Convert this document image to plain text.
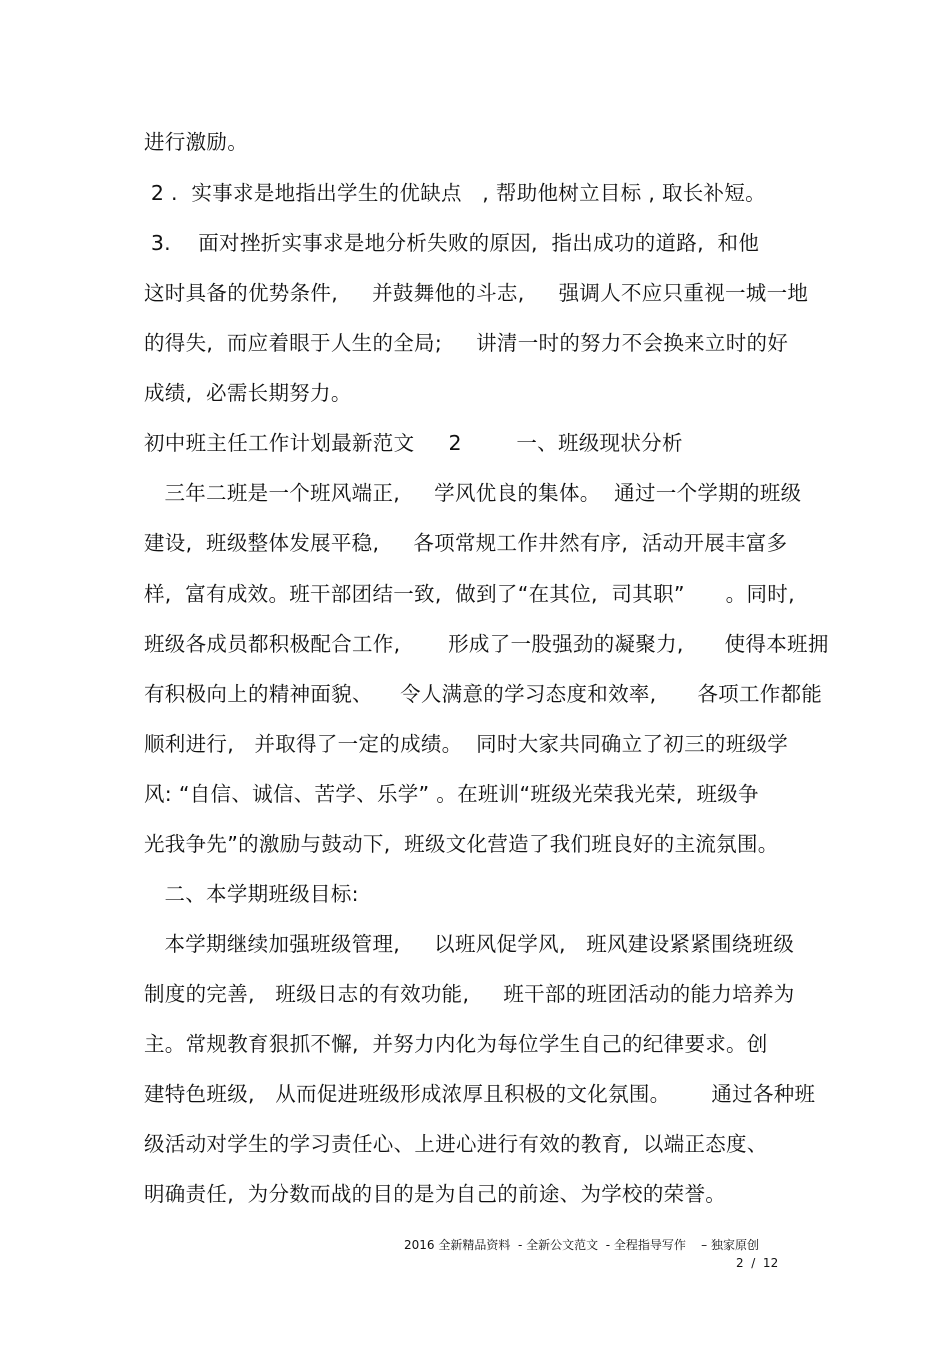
进行激励。
2 .  实事求是地指出学生的优缺点   , 帮助他树立目标 , 取长补短。
3.    面对挫折实事求是地分析失败的原因,  指出成功的道路,  和他
这时具备的优势条件,     并鼓舞他的斗志,     强调人不应只重视一城一地
的得失,  而应着眼于人生的全局;     讲清一时的努力不会换来立时的好
成绩,  必需长期努力。
初中班主任工作计划最新范文     2        一、班级现状分析
三年二班是一个班风端正,     学风优良的集体。  通过一个学期的班级
建设,  班级整体发展平稳,     各项常规工作井然有序,  活动开展丰富多
样,  富有成效。班干部团结一致,  做到了“在其位,  司其职”      。同时,
班级各成员都积极配合工作,       形成了一股强劲的凝聚力,      使得本班拥
有积极向上的精神面貌、    令人满意的学习态度和效率,      各项工作都能
顺利进行,   并取得了一定的成绩。  同时大家共同确立了初三的班级学
风: “自信、诚信、苦学、乐学” 。在班训“班级光荣我光荣,  班级争
光我争先”的激励与鼓动下,  班级文化营造了我们班良好的主流氛围。
二、本学期班级目标:
本学期继续加强班级管理,     以班风促学风,   班风建设紧紧围绕班级
制度的完善,   班级日志的有效功能,     班干部的班团活动的能力培养为
主。常规教育狠抓不懈,  并努力内化为每位学生自己的纪律要求。创
建特色班级,   从而促进班级形成浓厚且积极的文化氛围。      通过各种班
级活动对学生的学习责任心、上进心进行有效的教育,  以端正态度、
明确责任,  为分数而战的目的是为自己的前途、为学校的荣誉。
2016 全新精品资料  - 全新公文范文  - 全程指导写作    – 独家原创
2  /  12
